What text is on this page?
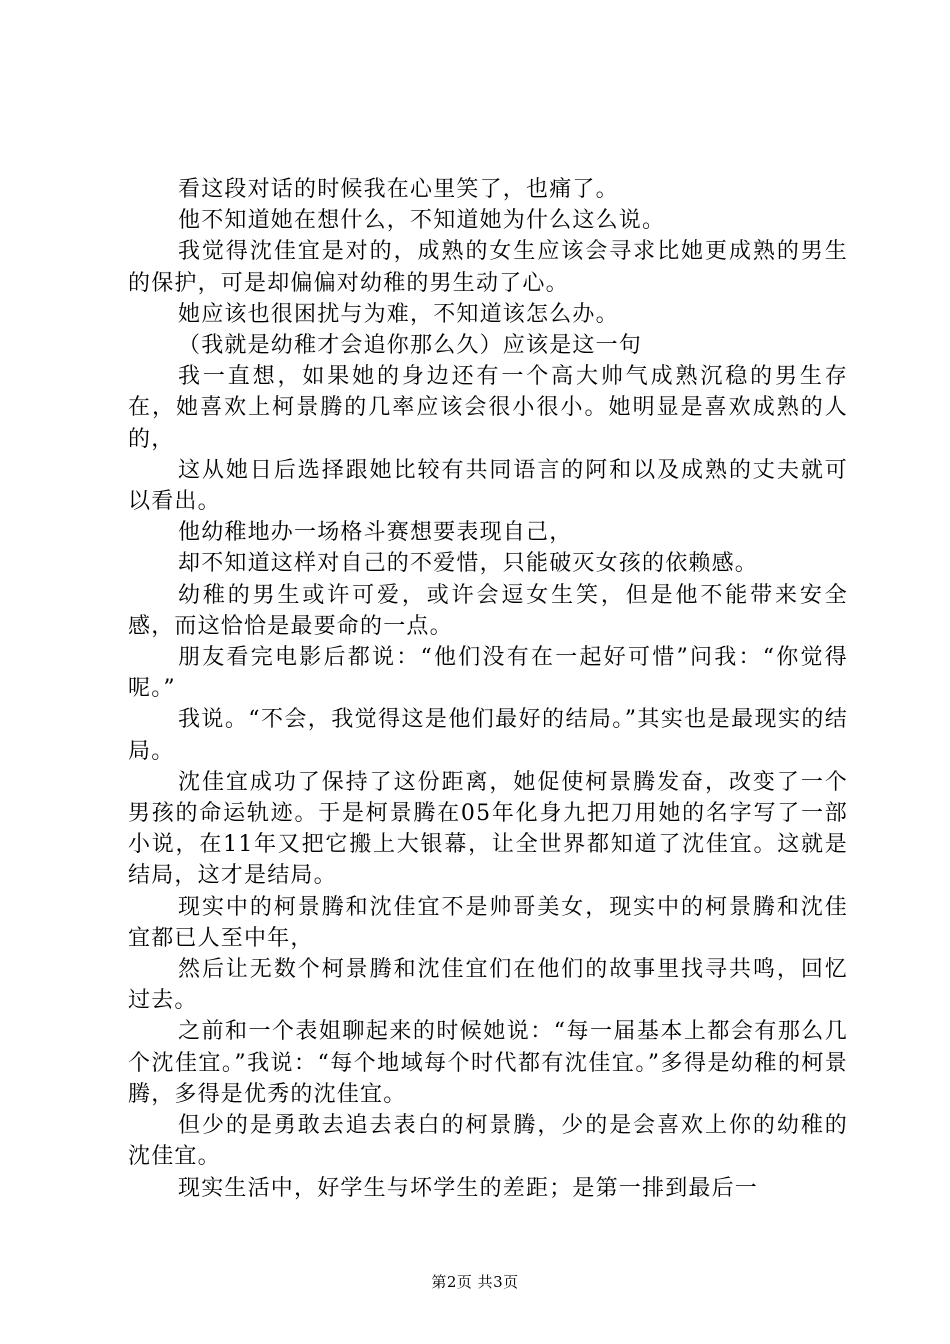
看这段对话的时候我在心里笑了，也痛了。

他不知道她在想什么，不知道她为什么这么说。

我觉得沈佳宜是对的，成熟的女生应该会寻求比她更成熟的男生的保护，可是却偏偏对幼稚的男生动了心。

她应该也很困扰与为难，不知道该怎么办。

（我就是幼稚才会追你那么久）应该是这一句

我一直想，如果她的身边还有一个高大帅气成熟沉稳的男生存在，她喜欢上柯景腾的几率应该会很小很小。她明显是喜欢成熟的人的，

这从她日后选择跟她比较有共同语言的阿和以及成熟的丈夫就可以看出。

他幼稚地办一场格斗赛想要表现自己，

却不知道这样对自己的不爱惜，只能破灭女孩的依赖感。

幼稚的男生或许可爱，或许会逗女生笑，但是他不能带来安全感，而这恰恰是最要命的一点。

朋友看完电影后都说：“他们没有在一起好可惜”问我：“你觉得呢。”

我说。“不会，我觉得这是他们最好的结局。”其实也是最现实的结局。

沈佳宜成功了保持了这份距离，她促使柯景腾发奋，改变了一个男孩的命运轨迹。于是柯景腾在05年化身九把刀用她的名字写了一部小说，在11年又把它搬上大银幕，让全世界都知道了沈佳宜。这就是结局，这才是结局。

现实中的柯景腾和沈佳宜不是帅哥美女，现实中的柯景腾和沈佳宜都已人至中年，

然后让无数个柯景腾和沈佳宜们在他们的故事里找寻共鸣，回忆过去。

之前和一个表姐聊起来的时候她说：“每一届基本上都会有那么几个沈佳宜。”我说：“每个地域每个时代都有沈佳宜。”多得是幼稚的柯景腾，多得是优秀的沈佳宜。

但少的是勇敢去追去表白的柯景腾，少的是会喜欢上你的幼稚的沈佳宜。

现实生活中，好学生与坏学生的差距；是第一排到最后一

第2页 共3页
